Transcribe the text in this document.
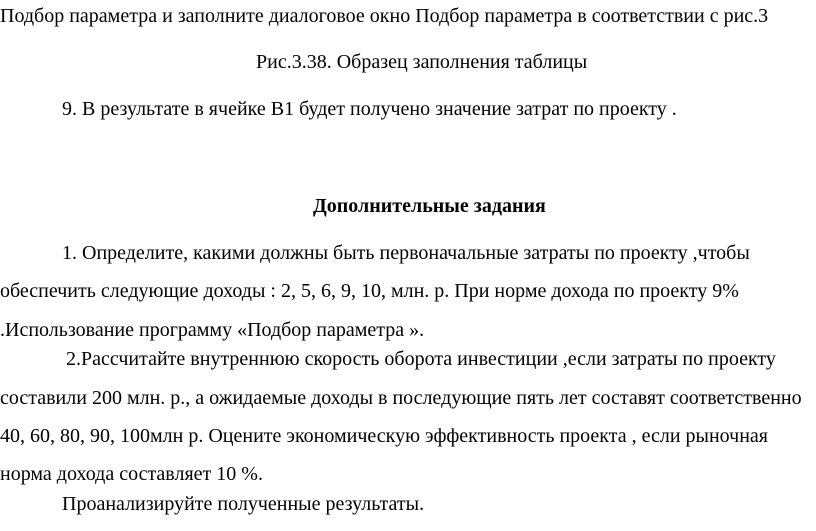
Подбор параметра и заполните диалоговое окно Подбор параметра в соответствии с рис.3
Рис.3.38. Образец заполнения таблицы
9. В результате в ячейке В1 будет получено значение затрат по проекту .
Дополнительные задания
1. Определите, какими должны быть первоначальные затраты по проекту ,чтобы
обеспечить следующие доходы : 2, 5, 6, 9, 10, млн. р. При норме дохода по проекту 9%
.Использование программу «Подбор параметра ».
2.Рассчитайте внутреннюю скорость оборота инвестиции ,если затраты по проекту
составили 200 млн. р., а ожидаемые доходы в последующие пять лет составят соответственно
40, 60, 80, 90, 100млн р. Оцените экономическую эффективность проекта , если рыночная
норма дохода составляет 10 %.
Проанализируйте полученные результаты.
